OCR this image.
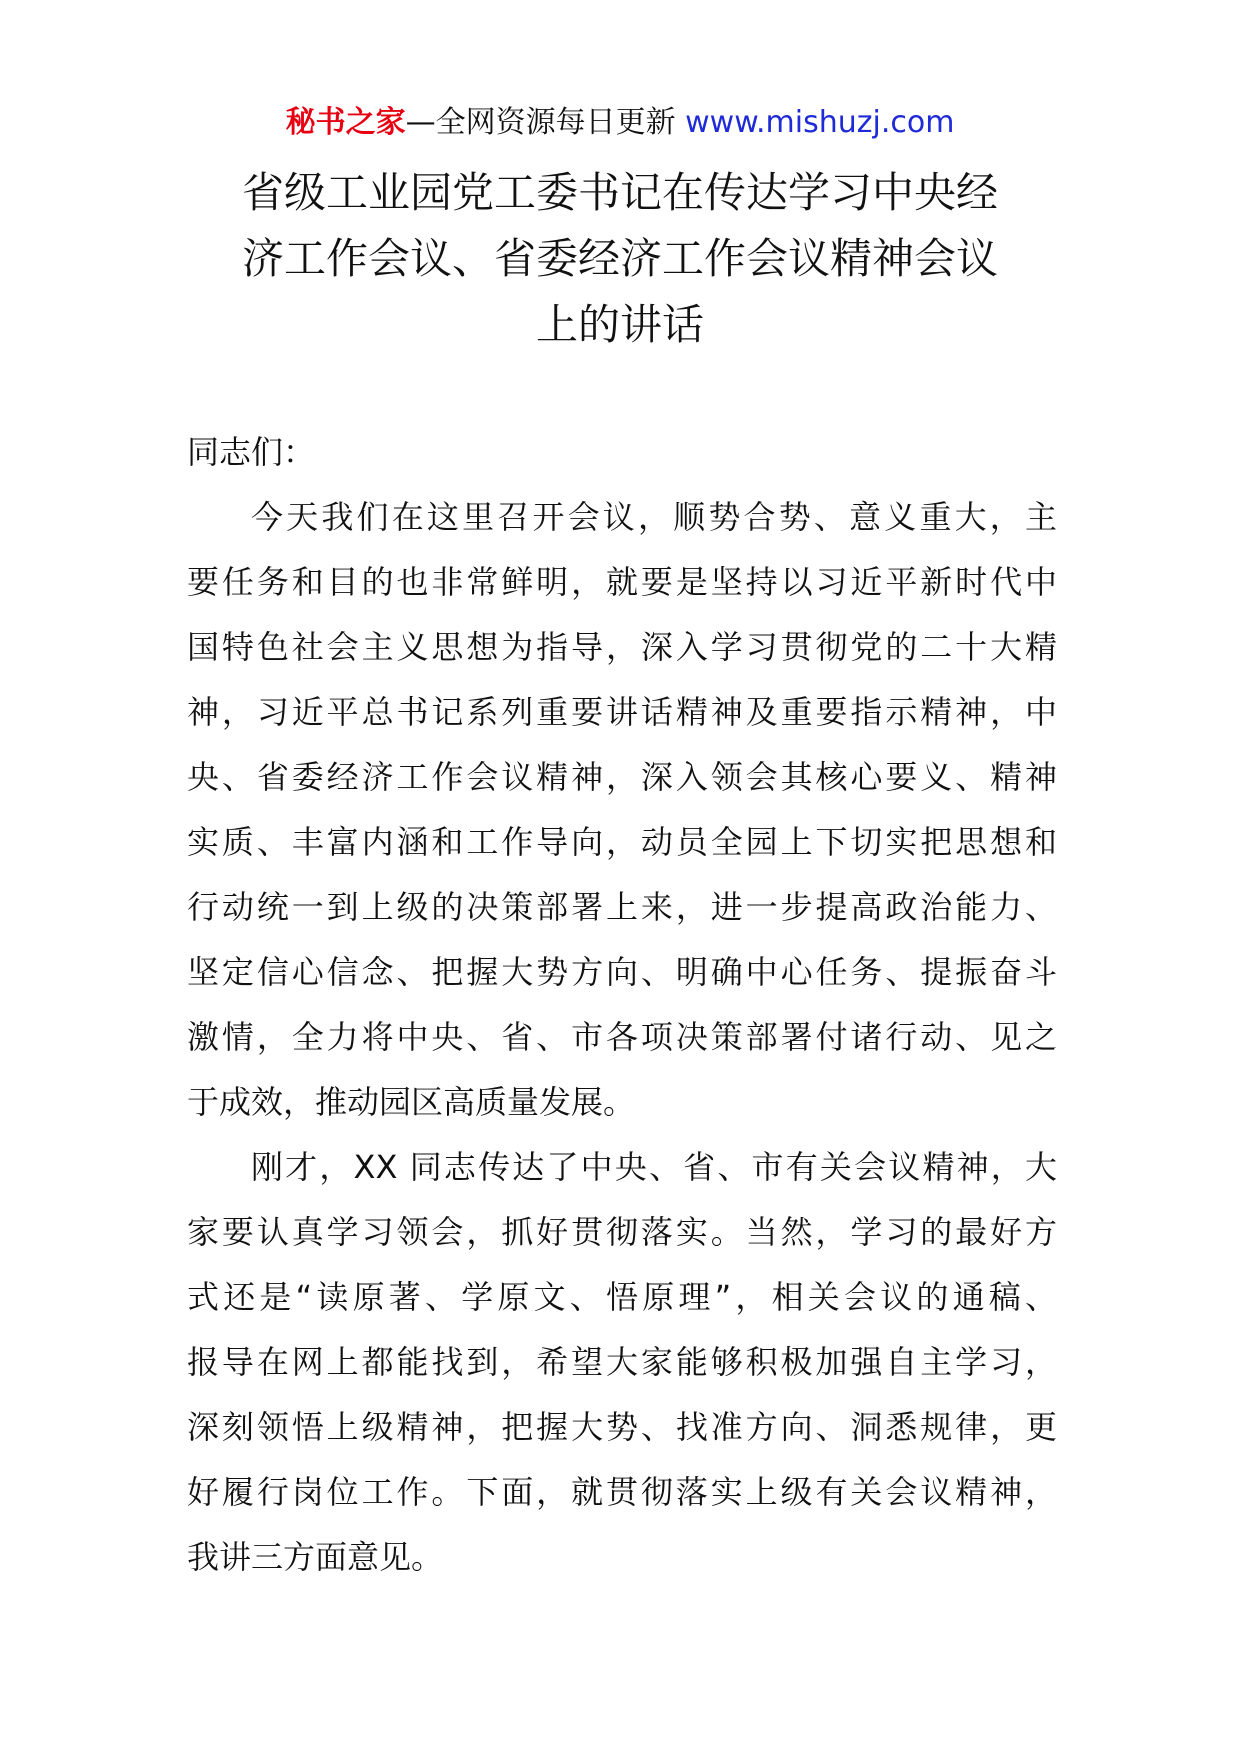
秘书之家—全网资源每日更新 www.mishuzj.com
省级工业园党工委书记在传达学习中央经
济工作会议、省委经济工作会议精神会议
上的讲话

同志们：

今天我们在这里召开会议，顺势合势、意义重大，主
要任务和目的也非常鲜明，就要是坚持以习近平新时代中
国特色社会主义思想为指导，深入学习贯彻党的二十大精
神，习近平总书记系列重要讲话精神及重要指示精神，中
央、省委经济工作会议精神，深入领会其核心要义、精神
实质、丰富内涵和工作导向，动员全园上下切实把思想和
行动统一到上级的决策部署上来，进一步提高政治能力、
坚定信心信念、把握大势方向、明确中心任务、提振奋斗
激情，全力将中央、省、市各项决策部署付诸行动、见之
于成效，推动园区高质量发展。

刚才，XX 同志传达了中央、省、市有关会议精神，大
家要认真学习领会，抓好贯彻落实。当然，学习的最好方
式还是“读原著、学原文、悟原理”，相关会议的通稿、
报导在网上都能找到，希望大家能够积极加强自主学习，
深刻领悟上级精神，把握大势、找准方向、洞悉规律，更
好履行岗位工作。下面，就贯彻落实上级有关会议精神，
我讲三方面意见。
